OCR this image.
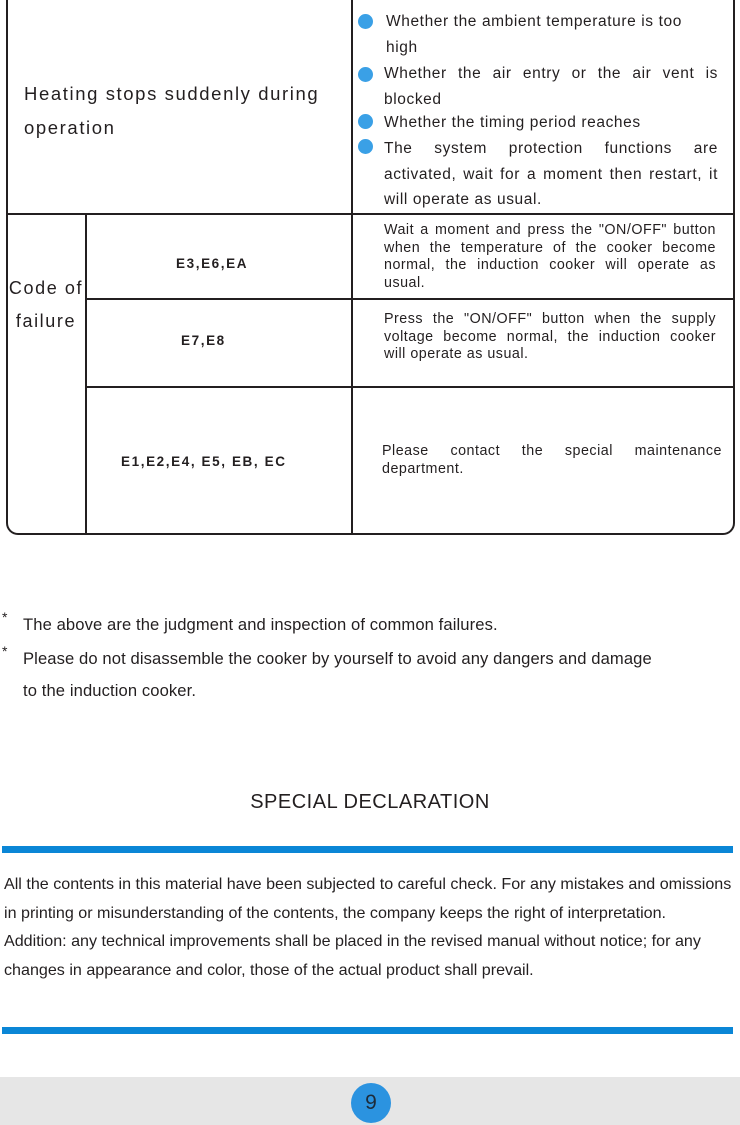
Heating stops suddenly during operation
Whether the ambient temperature is too high
Whether the air entry or the air vent is blocked
Whether the timing period reaches
The system protection functions are activated, wait for a moment then restart, it will operate as usual.
Code of failure
E3,E6,EA
Wait a moment and press the "ON/OFF" button when the temperature of the cooker become normal, the induction cooker will operate as usual.
E7,E8
Press the "ON/OFF" button when the supply voltage become normal, the induction cooker will operate as usual.
E1,E2,E4, E5, EB, EC
Please contact the special maintenance department.
* The above are the judgment and inspection of common failures.
* Please do not disassemble the cooker by yourself to avoid any dangers and damage to the induction cooker.
SPECIAL DECLARATION

All the contents in this material have been subjected to careful check. For any mistakes and omissions in printing or misunderstanding of the contents, the company keeps the right of interpretation.

Addition: any technical improvements shall be placed in the revised manual without notice; for any changes in appearance and color, those of the actual product shall prevail.

9
